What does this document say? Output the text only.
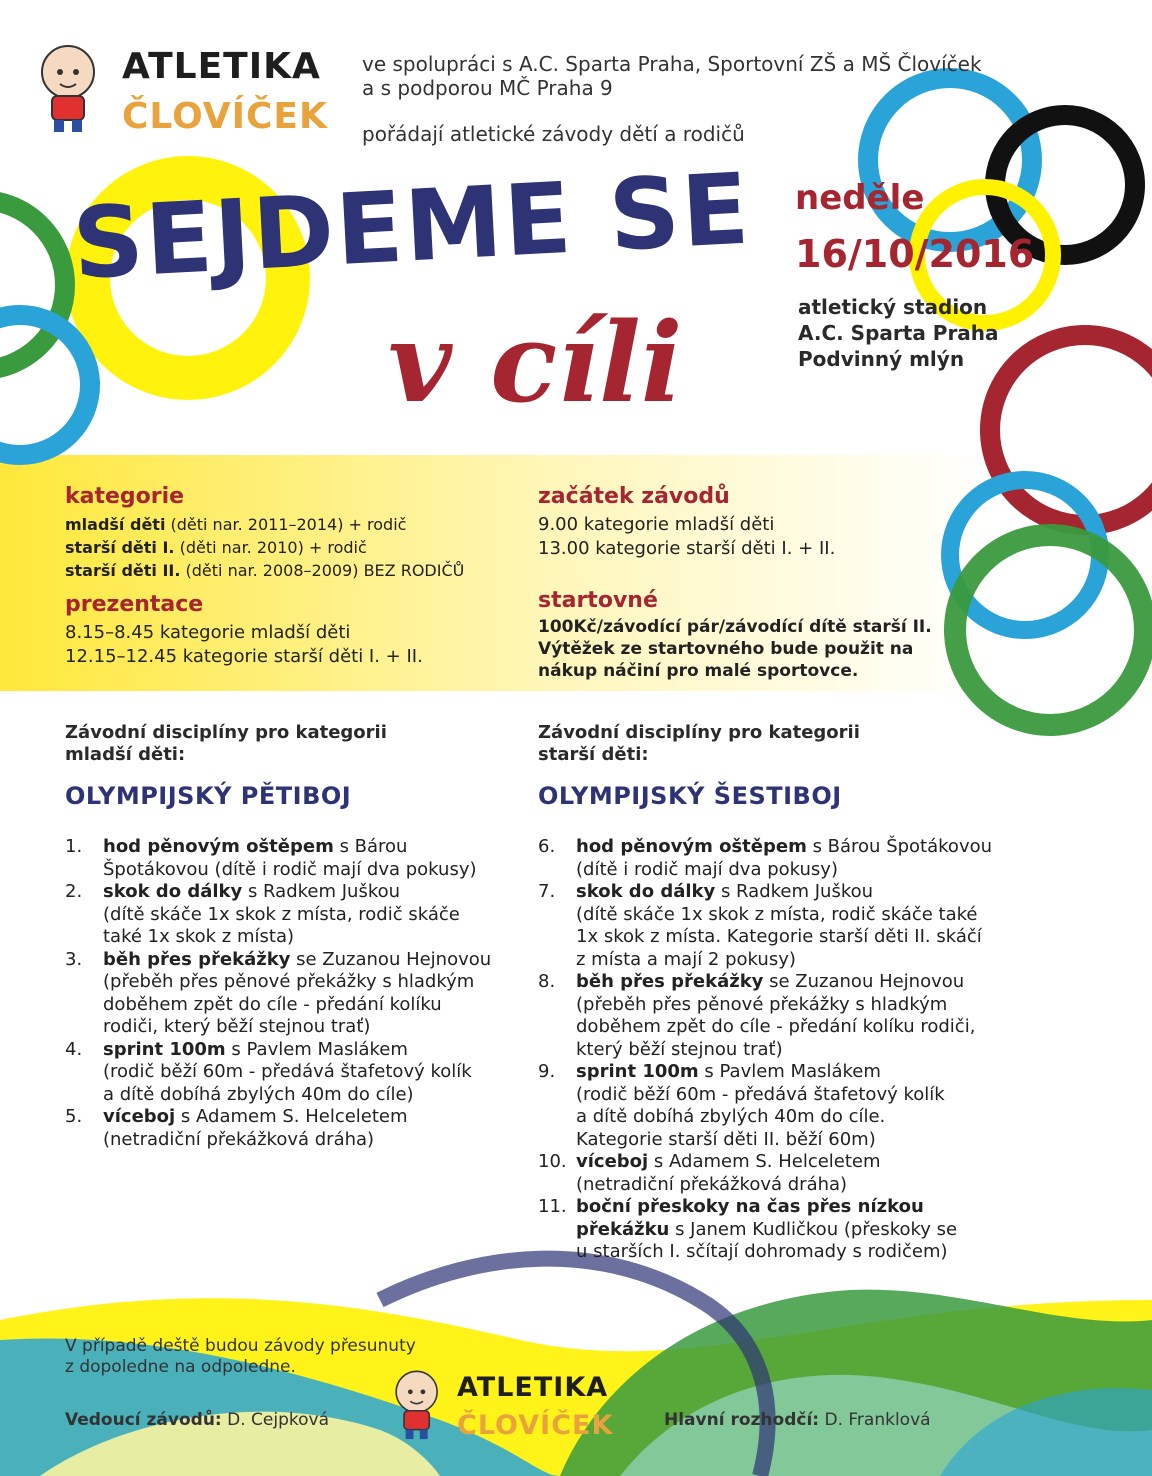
ATLETIKA
ČLOVÍČEK
ve spolupráci s A.C. Sparta Praha, Sportovní ZŠ a MŠ Človíček
a s podporou MČ Praha 9
pořádají atletické závody dětí a rodičů
SEJDEME SE
v cíli
neděle
16/10/2016
atletický stadion
A.C. Sparta Praha
Podvinný mlýn
kategorie
mladší děti (děti nar. 2011–2014) + rodič
starší děti I. (děti nar. 2010) + rodič
starší děti II. (děti nar. 2008–2009) BEZ RODIČŮ
prezentace
8.15–8.45 kategorie mladší děti
12.15–12.45 kategorie starší děti I. + II.
začátek závodů
9.00 kategorie mladší děti
13.00 kategorie starší děti I. + II.
startovné
100Kč/závodící pár/závodící dítě starší II.
Výtěžek ze startovného bude použit na
nákup náčiní pro malé sportovce.
Závodní disciplíny pro kategorii
mladší děti:
OLYMPIJSKÝ PĚTIBOJ
1. hod pěnovým oštěpem s Bárou
Špotákovou (dítě i rodič mají dva pokusy)
2. skok do dálky s Radkem Juškou
(dítě skáče 1x skok z místa, rodič skáče
také 1x skok z místa)
3. běh přes překážky se Zuzanou Hejnovou
(přeběh přes pěnové překážky s hladkým
doběhem zpět do cíle - předání kolíku
rodiči, který běží stejnou trať)
4. sprint 100m s Pavlem Maslákem
(rodič běží 60m - předává štafetový kolík
a dítě dobíhá zbylých 40m do cíle)
5. víceboj s Adamem S. Helceletem
(netradiční překážková dráha)
Závodní disciplíny pro kategorii
starší děti:
OLYMPIJSKÝ ŠESTIBOJ
6. hod pěnovým oštěpem s Bárou Špotákovou
(dítě i rodič mají dva pokusy)
7. skok do dálky s Radkem Juškou
(dítě skáče 1x skok z místa, rodič skáče také
1x skok z místa. Kategorie starší děti II. skáčí
z místa a mají 2 pokusy)
8. běh přes překážky se Zuzanou Hejnovou
(přeběh přes pěnové překážky s hladkým
doběhem zpět do cíle - předání kolíku rodiči,
který běží stejnou trať)
9. sprint 100m s Pavlem Maslákem
(rodič běží 60m - předává štafetový kolík
a dítě dobíhá zbylých 40m do cíle.
Kategorie starší děti II. běží 60m)
10. víceboj s Adamem S. Helceletem
(netradiční překážková dráha)
11. boční přeskoky na čas přes nízkou
překážku s Janem Kudličkou (přeskoky se
u starších I. sčítají dohromady s rodičem)
V případě deště budou závody přesunuty
z dopoledne na odpoledne.
Vedoucí závodů: D. Cejpková	Hlavní rozhodčí: D. Franklová
ATLETIKA
ČLOVÍČEK
